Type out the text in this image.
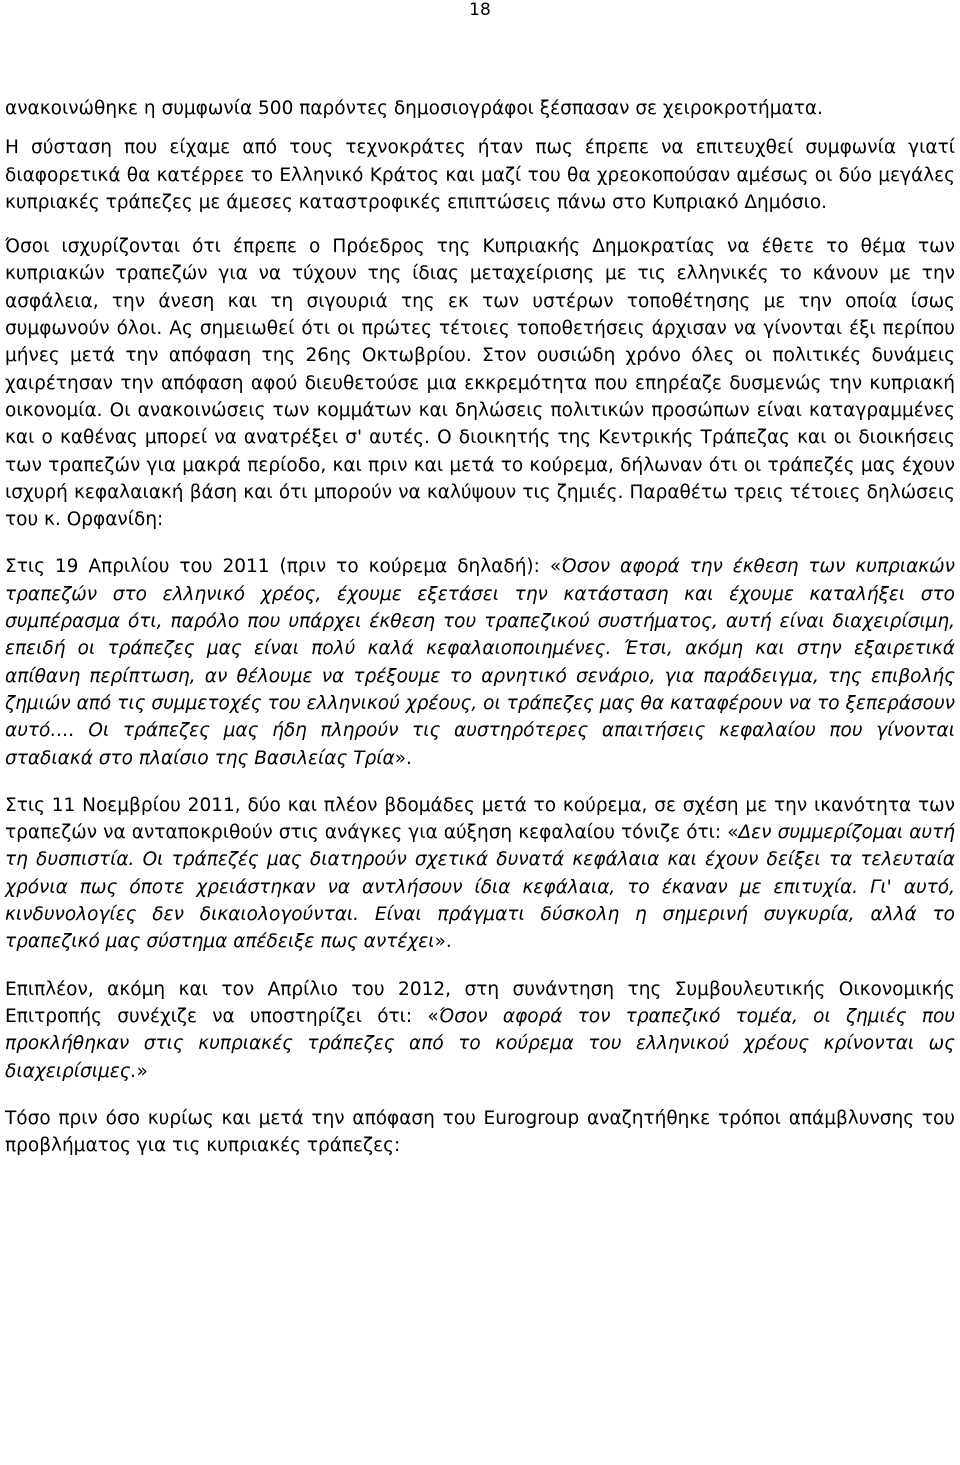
18

ανακοινώθηκε η συμφωνία 500 παρόντες δημοσιογράφοι ξέσπασαν σε χειροκροτήματα.

Η σύσταση που είχαμε από τους τεχνοκράτες ήταν πως έπρεπε να επιτευχθεί συμφωνία γιατί διαφορετικά θα κατέρρεε το Ελληνικό Κράτος και μαζί του θα χρεοκοπούσαν αμέσως οι δύο μεγάλες κυπριακές τράπεζες με άμεσες καταστροφικές επιπτώσεις πάνω στο Κυπριακό Δημόσιο.

Όσοι ισχυρίζονται ότι έπρεπε ο Πρόεδρος της Κυπριακής Δημοκρατίας να έθετε το θέμα των κυπριακών τραπεζών για να τύχουν της ίδιας μεταχείρισης με τις ελληνικές το κάνουν με την ασφάλεια, την άνεση και τη σιγουριά της εκ των υστέρων τοποθέτησης με την οποία ίσως συμφωνούν όλοι. Ας σημειωθεί ότι οι πρώτες τέτοιες τοποθετήσεις άρχισαν να γίνονται έξι περίπου μήνες μετά την απόφαση της 26ης Οκτωβρίου. Στον ουσιώδη χρόνο όλες οι πολιτικές δυνάμεις χαιρέτησαν την απόφαση αφού διευθετούσε μια εκκρεμότητα που επηρέαζε δυσμενώς την κυπριακή οικονομία. Οι ανακοινώσεις των κομμάτων και δηλώσεις πολιτικών προσώπων είναι καταγραμμένες και ο καθένας μπορεί να ανατρέξει σ' αυτές. Ο διοικητής της Κεντρικής Τράπεζας και οι διοικήσεις των τραπεζών για μακρά περίοδο, και πριν και μετά το κούρεμα, δήλωναν ότι οι τράπεζές μας έχουν ισχυρή κεφαλαιακή βάση και ότι μπορούν να καλύψουν τις ζημιές. Παραθέτω τρεις τέτοιες δηλώσεις του κ. Ορφανίδη:

Στις 19 Απριλίου του 2011 (πριν το κούρεμα δηλαδή): «Όσον αφορά την έκθεση των κυπριακών τραπεζών στο ελληνικό χρέος, έχουμε εξετάσει την κατάσταση και έχουμε καταλήξει στο συμπέρασμα ότι, παρόλο που υπάρχει έκθεση του τραπεζικού συστήματος, αυτή είναι διαχειρίσιμη, επειδή οι τράπεζες μας είναι πολύ καλά κεφαλαιοποιημένες. Έτσι, ακόμη και στην εξαιρετικά απίθανη περίπτωση, αν θέλουμε να τρέξουμε το αρνητικό σενάριο, για παράδειγμα, της επιβολής ζημιών από τις συμμετοχές του ελληνικού χρέους, οι τράπεζες μας θα καταφέρουν να το ξεπεράσουν αυτό…. Οι τράπεζες μας ήδη πληρούν τις αυστηρότερες απαιτήσεις κεφαλαίου που γίνονται σταδιακά στο πλαίσιο της Βασιλείας Τρία».

Στις 11 Νοεμβρίου 2011, δύο και πλέον βδομάδες μετά το κούρεμα, σε σχέση με την ικανότητα των τραπεζών να ανταποκριθούν στις ανάγκες για αύξηση κεφαλαίου τόνιζε ότι: «Δεν συμμερίζομαι αυτή τη δυσπιστία. Οι τράπεζές μας διατηρούν σχετικά δυνατά κεφάλαια και έχουν δείξει τα τελευταία χρόνια πως όποτε χρειάστηκαν να αντλήσουν ίδια κεφάλαια, το έκαναν με επιτυχία. Γι' αυτό, κινδυνολογίες δεν δικαιολογούνται. Είναι πράγματι δύσκολη η σημερινή συγκυρία, αλλά το τραπεζικό μας σύστημα απέδειξε πως αντέχει».

Επιπλέον, ακόμη και τον Απρίλιο του 2012, στη συνάντηση της Συμβουλευτικής Οικονομικής Επιτροπής συνέχιζε να υποστηρίζει ότι: «Όσον αφορά τον τραπεζικό τομέα, οι ζημιές που προκλήθηκαν στις κυπριακές τράπεζες από το κούρεμα του ελληνικού χρέους κρίνονται ως διαχειρίσιμες.»

Τόσο πριν όσο κυρίως και μετά την απόφαση του Eurogroup αναζητήθηκε τρόποι απάμβλυνσης του προβλήματος για τις κυπριακές τράπεζες:
